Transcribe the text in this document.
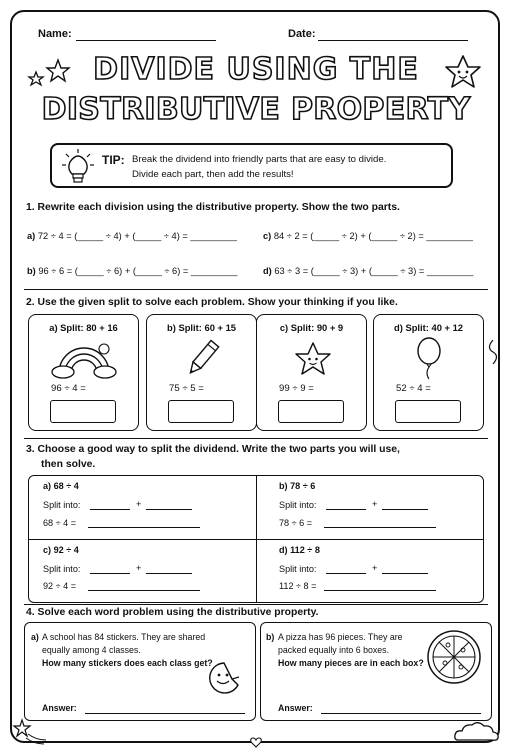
Name:	Date:
DIVIDE USING THE
DISTRIBUTIVE PROPERTY
TIP: Break the dividend into friendly parts that are easy to divide.
Divide each part, then add the results!
1. Rewrite each division using the distributive property. Show the two parts.
a) 72 ÷ 4 = (_____ ÷ 4) + (_____ ÷ 4) = _________	c) 84 ÷ 2 = (_____ ÷ 2) + (_____ ÷ 2) = _________
b) 96 ÷ 6 = (_____ ÷ 6) + (_____ ÷ 6) = _________	d) 63 ÷ 3 = (_____ ÷ 3) + (_____ ÷ 3) = _________
2. Use the given split to solve each problem. Show your thinking if you like.
a) Split: 80 + 16
96 ÷ 4 =
b) Split: 60 + 15
75 ÷ 5 =
c) Split: 90 + 9
99 ÷ 9 =
d) Split: 40 + 12
52 ÷ 4 =
3. Choose a good way to split the dividend. Write the two parts you will use,
then solve.
a) 68 ÷ 4
Split into:	+
68 ÷ 4 =
b) 78 ÷ 6
Split into:	+
78 ÷ 6 =
c) 92 ÷ 4
Split into:	+
92 ÷ 4 =
d) 112 ÷ 8
Split into:	+
112 ÷ 8 =
4. Solve each word problem using the distributive property.
a) A school has 84 stickers. They are shared
equally among 4 classes.
How many stickers does each class get?
Answer:
b) A pizza has 96 pieces. They are
packed equally into 6 boxes.
How many pieces are in each box?
Answer:
